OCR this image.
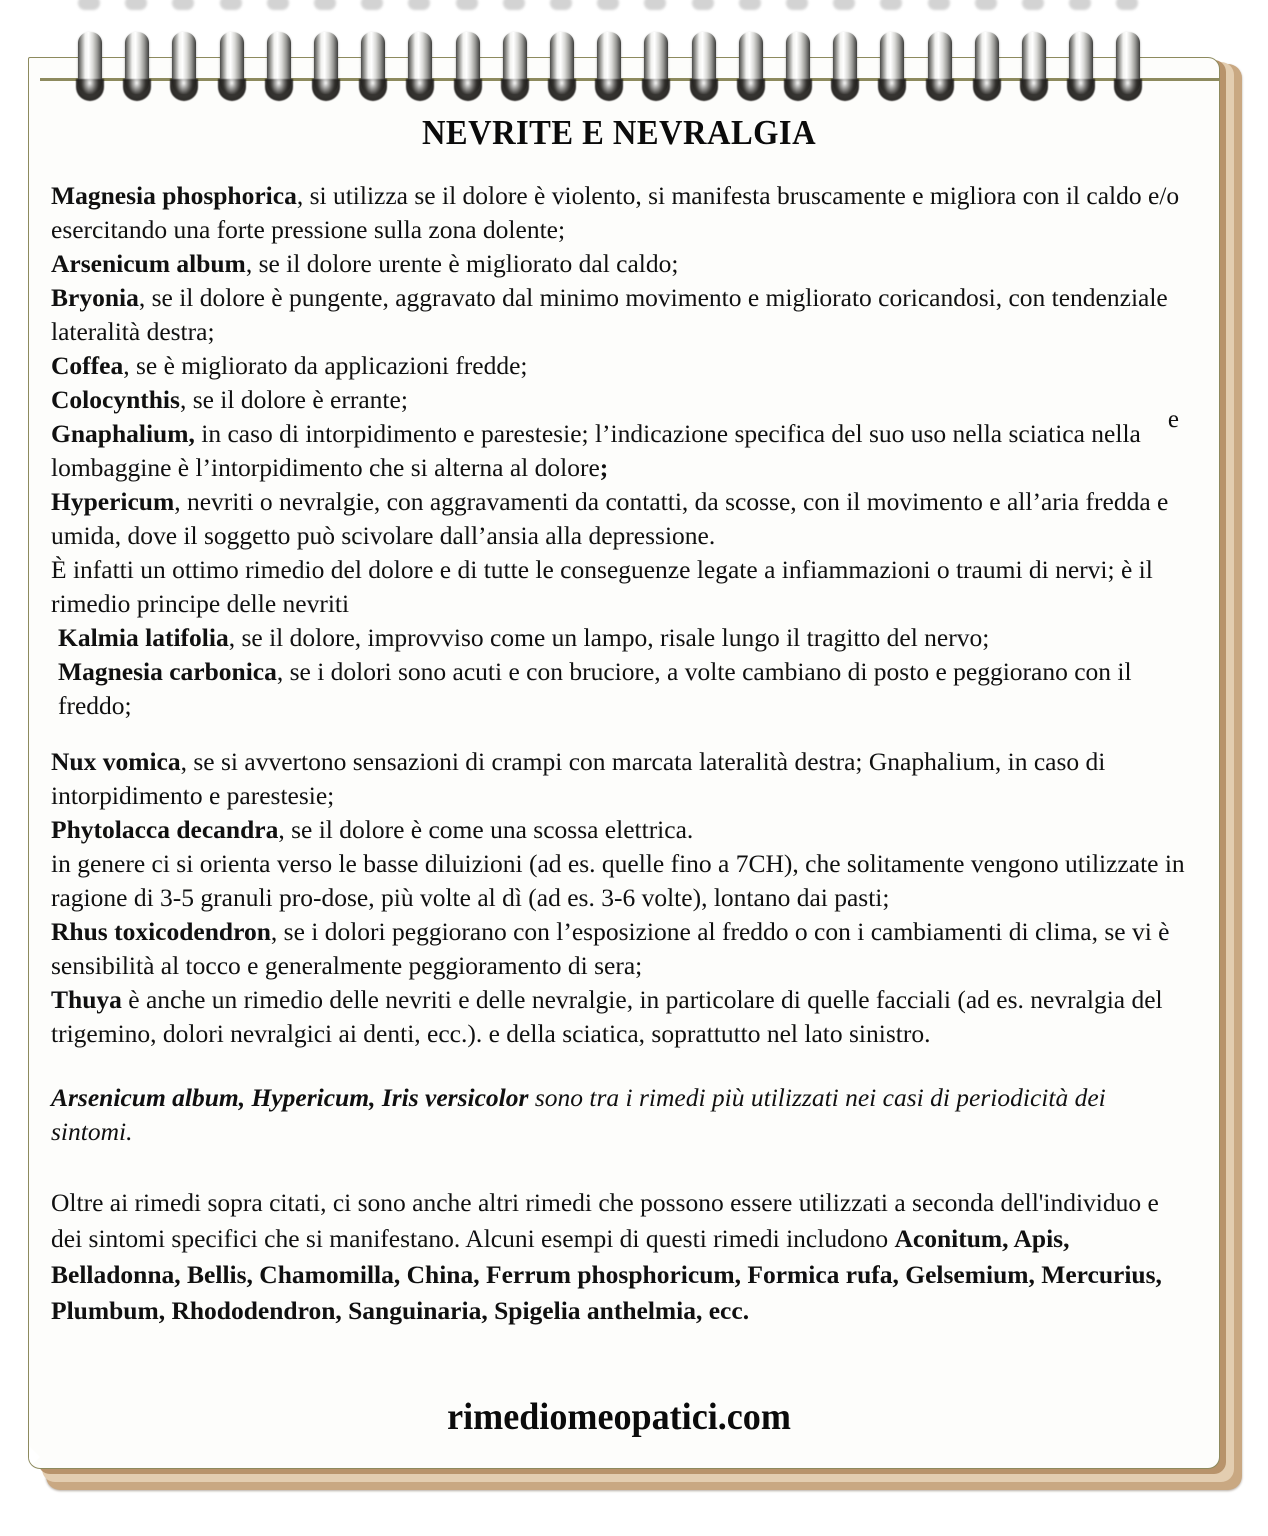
NEVRITE E NEVRALGIA
Magnesia phosphorica, si utilizza se il dolore è violento, si manifesta bruscamente e migliora con il caldo e/o esercitando una forte pressione sulla zona dolente;
Arsenicum album, se il dolore urente è migliorato dal caldo;
Bryonia, se il dolore è pungente, aggravato dal minimo movimento e migliorato coricandosi, con tendenziale lateralità destra;
Coffea, se è migliorato da applicazioni fredde;
Colocynthis, se il dolore è errante;
Gnaphalium, in caso di intorpidimento e parestesie; l’indicazione specifica del suo uso nella sciatica nella lombaggine è l’intorpidimento che si alterna al dolore;
Hypericum, nevriti o nevralgie, con aggravamenti da contatti, da scosse, con il movimento e all’aria fredda e umida, dove il soggetto può scivolare dall’ansia alla depressione.
È infatti un ottimo rimedio del dolore e di tutte le conseguenze legate a infiammazioni o traumi di nervi; è il rimedio principe delle nevriti
Kalmia latifolia, se il dolore, improvviso come un lampo, risale lungo il tragitto del nervo;
Magnesia carbonica, se i dolori sono acuti e con bruciore, a volte cambiano di posto e peggiorano con il freddo;
Nux vomica, se si avvertono sensazioni di crampi con marcata lateralità destra; Gnaphalium, in caso di intorpidimento e parestesie;
Phytolacca decandra, se il dolore è come una scossa elettrica.
in genere ci si orienta verso le basse diluizioni (ad es. quelle fino a 7CH), che solitamente vengono utilizzate in ragione di 3-5 granuli pro-dose, più volte al dì (ad es. 3-6 volte), lontano dai pasti;
Rhus toxicodendron, se i dolori peggiorano con l’esposizione al freddo o con i cambiamenti di clima, se vi è sensibilità al tocco e generalmente peggioramento di sera;
Thuya è anche un rimedio delle nevriti e delle nevralgie, in particolare di quelle facciali (ad es. nevralgia del trigemino, dolori nevralgici ai denti, ecc.). e della sciatica, soprattutto nel lato sinistro.
Arsenicum album, Hypericum, Iris versicolor sono tra i rimedi più utilizzati nei casi di periodicità dei sintomi.
Oltre ai rimedi sopra citati, ci sono anche altri rimedi che possono essere utilizzati a seconda dell'individuo e dei sintomi specifici che si manifestano. Alcuni esempi di questi rimedi includono Aconitum, Apis, Belladonna, Bellis, Chamomilla, China, Ferrum phosphoricum, Formica rufa, Gelsemium, Mercurius, Plumbum, Rhododendron, Sanguinaria, Spigelia anthelmia, ecc.
rimediomeopatici.com
e
